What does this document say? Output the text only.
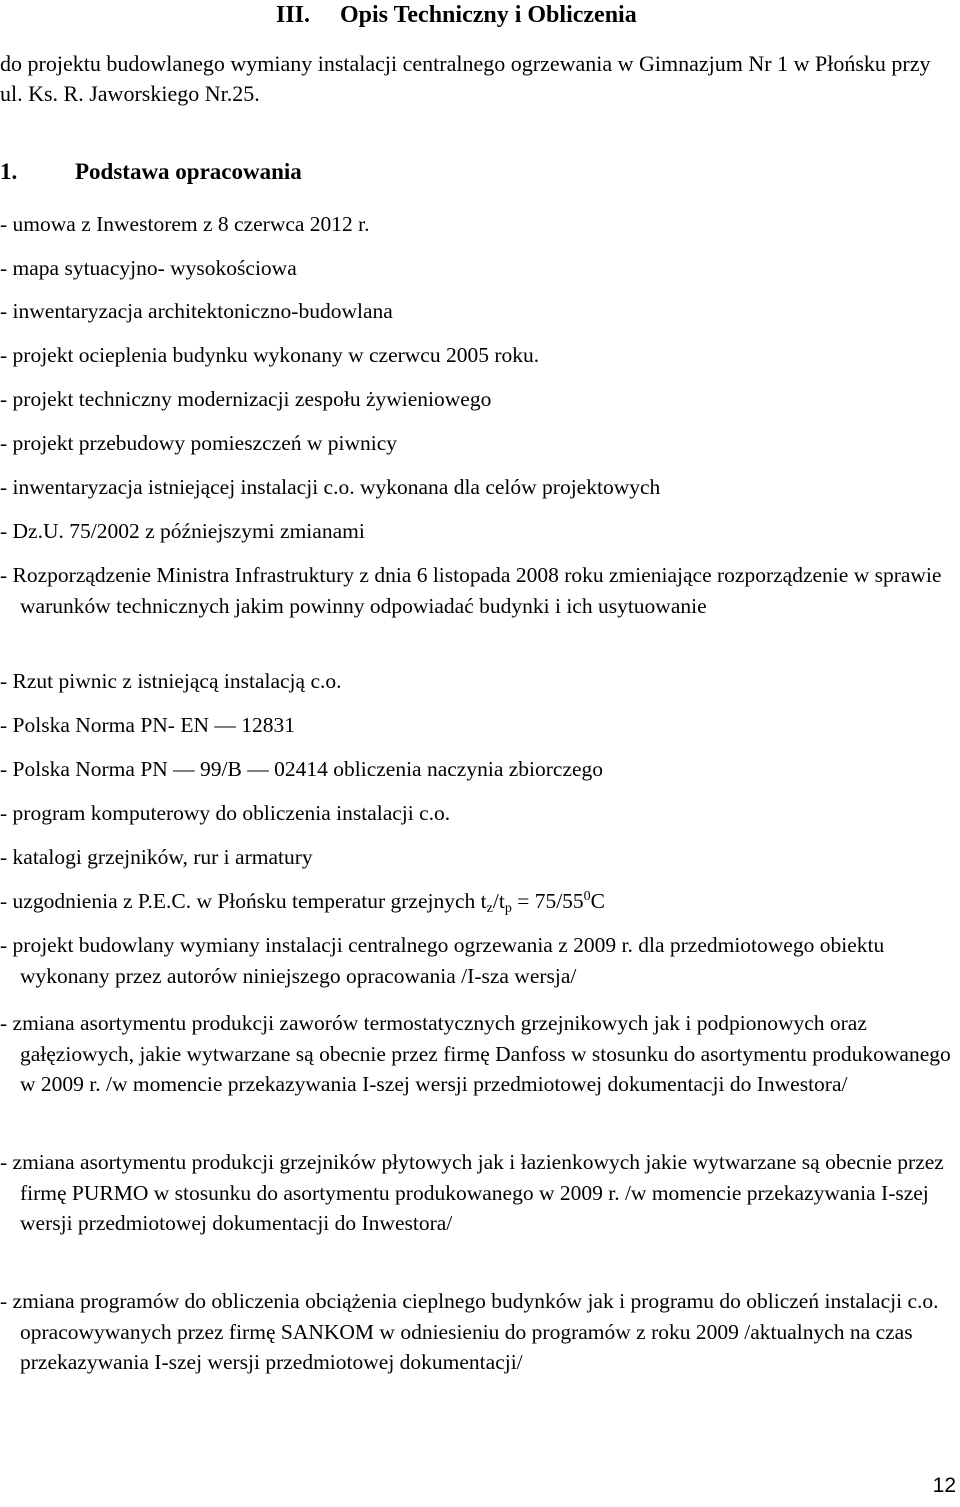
III. Opis Techniczny i Obliczenia
do projektu budowlanego wymiany instalacji centralnego ogrzewania w Gimnazjum Nr 1 w Płońsku przy ul. Ks. R. Jaworskiego Nr.25.
1.	Podstawa opracowania
- umowa z Inwestorem z 8 czerwca 2012 r.
- mapa sytuacyjno- wysokościowa
- inwentaryzacja architektoniczno-budowlana
- projekt ocieplenia budynku wykonany w czerwcu 2005 roku.
- projekt techniczny modernizacji zespołu żywieniowego
- projekt przebudowy pomieszczeń w piwnicy
- inwentaryzacja istniejącej instalacji c.o. wykonana dla celów projektowych
- Dz.U. 75/2002 z późniejszymi zmianami
- Rozporządzenie Ministra Infrastruktury z dnia 6 listopada 2008 roku zmieniające rozporządzenie w sprawie warunków technicznych jakim powinny odpowiadać budynki i ich usytuowanie
- Rzut piwnic z istniejącą instalacją c.o.
- Polska Norma PN- EN — 12831
- Polska Norma PN — 99/B — 02414 obliczenia naczynia zbiorczego
- program komputerowy do obliczenia instalacji c.o.
- katalogi grzejników, rur i armatury
- uzgodnienia z P.E.C. w Płońsku temperatur grzejnych $t_z/t_p = 75/55^0C$
- projekt budowlany wymiany instalacji centralnego ogrzewania z 2009 r. dla przedmiotowego obiektu wykonany przez autorów niniejszego opracowania /I-sza wersja/
- zmiana asortymentu produkcji zaworów termostatycznych grzejnikowych jak i podpionowych oraz gałęziowych, jakie wytwarzane są obecnie przez firmę Danfoss w stosunku do asortymentu produkowanego w 2009 r. /w momencie przekazywania I-szej wersji przedmiotowej dokumentacji do Inwestora/
- zmiana asortymentu produkcji grzejników płytowych jak i łazienkowych jakie wytwarzane są obecnie przez firmę PURMO w stosunku do asortymentu produkowanego w 2009 r. /w momencie przekazywania I-szej wersji przedmiotowej dokumentacji do Inwestora/
- zmiana programów do obliczenia obciążenia cieplnego budynków jak i programu do obliczeń instalacji c.o. opracowywanych przez firmę SANKOM w odniesieniu do programów z roku 2009 /aktualnych na czas przekazywania I-szej wersji przedmiotowej dokumentacji/
12
